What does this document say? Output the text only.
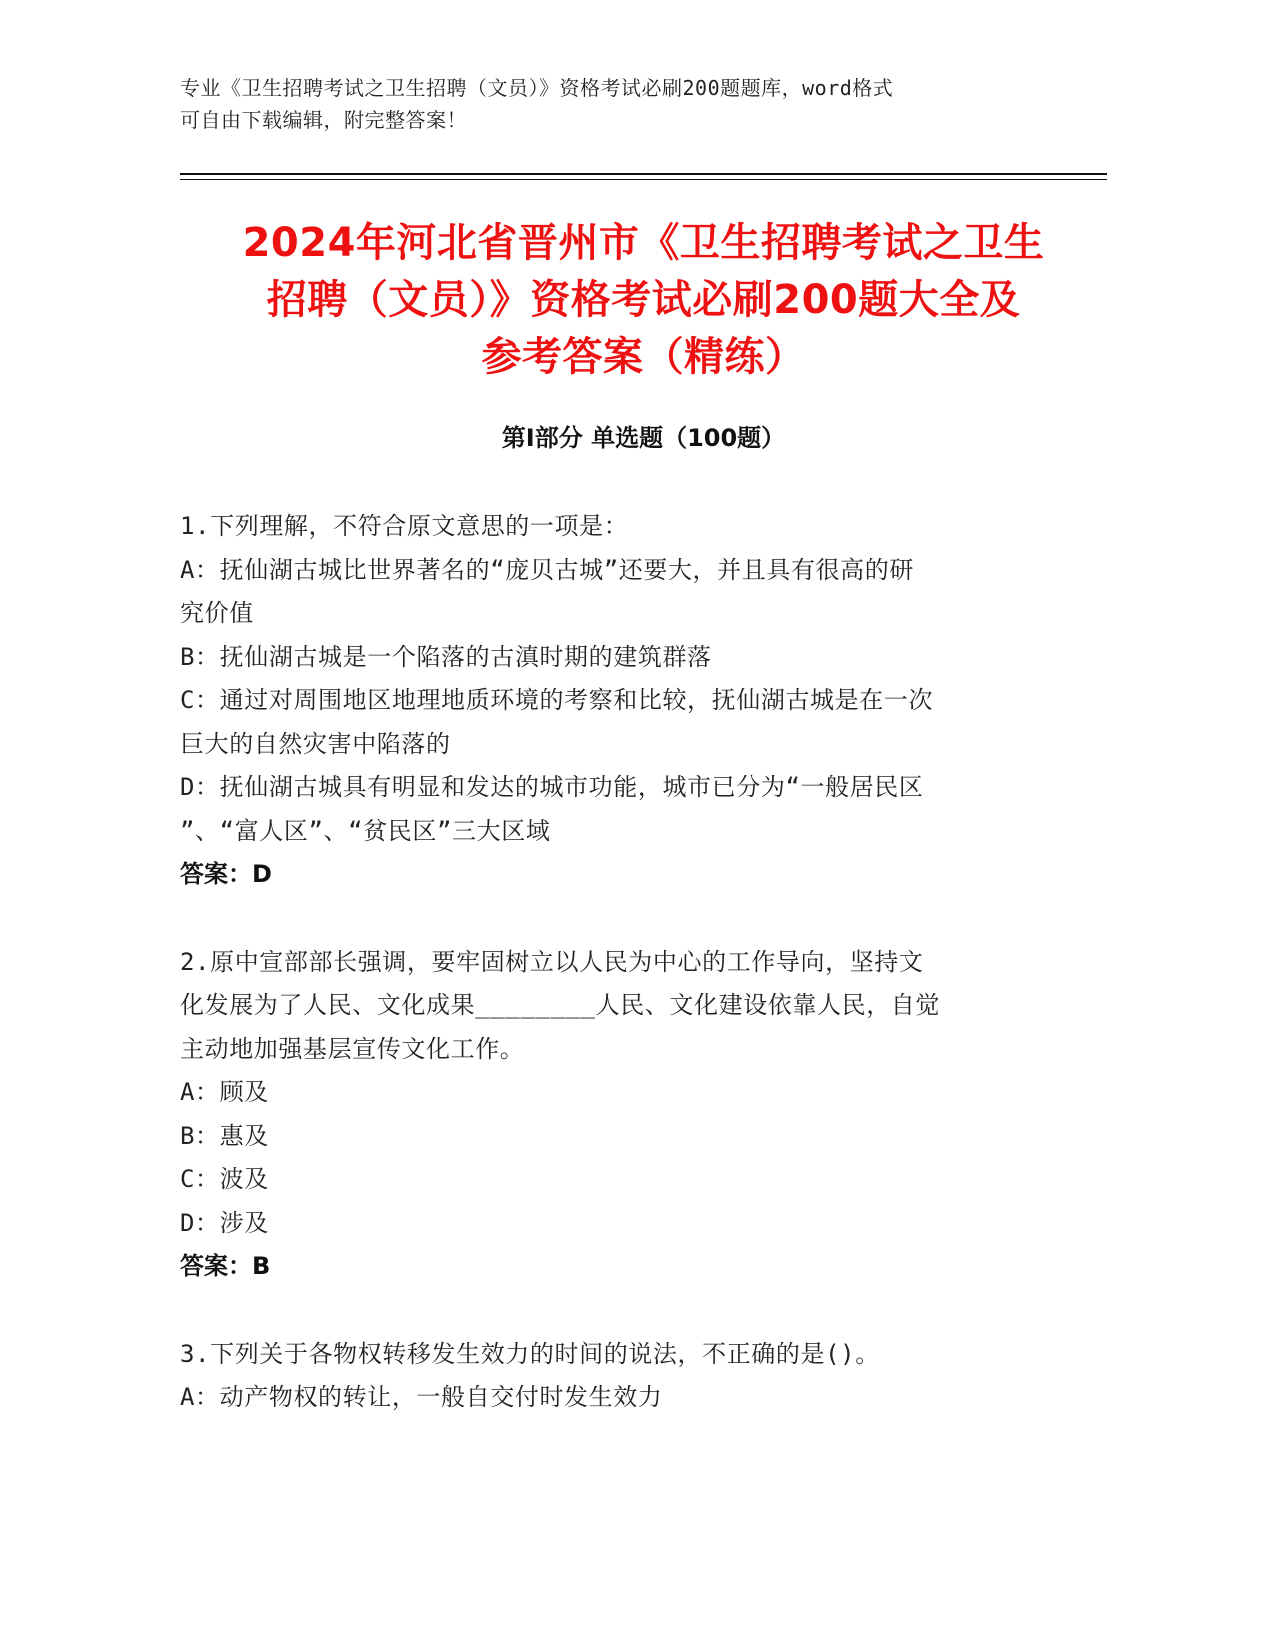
专业《卫生招聘考试之卫生招聘（文员）》资格考试必刷200题题库，word格式
可自由下载编辑，附完整答案！
2024年河北省晋州市《卫生招聘考试之卫生
招聘（文员）》资格考试必刷200题大全及
参考答案（精练）
第Ⅰ部分 单选题（100题）
1.下列理解，不符合原文意思的一项是：
A：抚仙湖古城比世界著名的“庞贝古城”还要大，并且具有很高的研
究价值
B：抚仙湖古城是一个陷落的古滇时期的建筑群落
C：通过对周围地区地理地质环境的考察和比较，抚仙湖古城是在一次
巨大的自然灾害中陷落的
D：抚仙湖古城具有明显和发达的城市功能，城市已分为“一般居民区
”、“富人区”、“贫民区”三大区域
答案：D
2.原中宣部部长强调，要牢固树立以人民为中心的工作导向，坚持文
化发展为了人民、文化成果________人民、文化建设依靠人民，自觉
主动地加强基层宣传文化工作。
A：顾及
B：惠及
C：波及
D：涉及
答案：B
3.下列关于各物权转移发生效力的时间的说法，不正确的是()。
A：动产物权的转让，一般自交付时发生效力
